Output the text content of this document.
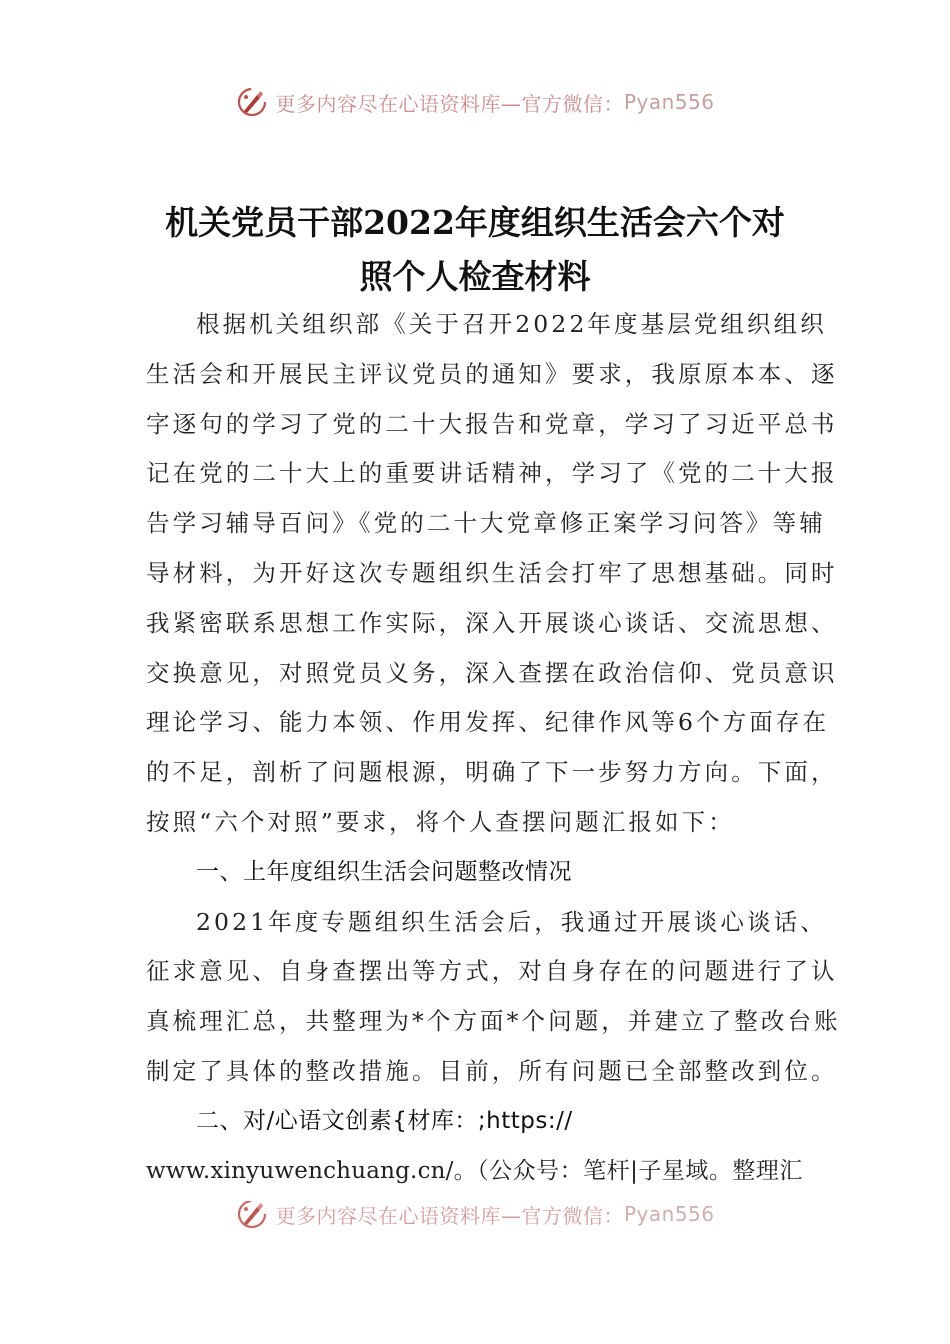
更多内容尽在心语资料库—官方微信： Pyan556
机关党员干部2022年度组织生活会六个对
照个人检查材料
根据机关组织部《关于召开2022年度基层党组织组织
生活会和开展民主评议党员的通知》要求，我原原本本、逐
字逐句的学习了党的二十大报告和党章，学习了习近平总书
记在党的二十大上的重要讲话精神，学习了《党的二十大报
告学习辅导百问》《党的二十大党章修正案学习问答》等辅
导材料，为开好这次专题组织生活会打牢了思想基础。同时
我紧密联系思想工作实际，深入开展谈心谈话、交流思想、
交换意见，对照党员义务，深入查摆在政治信仰、党员意识
理论学习、能力本领、作用发挥、纪律作风等6个方面存在
的不足，剖析了问题根源，明确了下一步努力方向。下面，
按照“六个对照”要求，将个人查摆问题汇报如下：
一、上年度组织生活会问题整改情况
2021年度专题组织生活会后，我通过开展谈心谈话、
征求意见、自身查摆出等方式，对自身存在的问题进行了认
真梳理汇总，共整理为*个方面*个问题，并建立了整改台账
制定了具体的整改措施。目前，所有问题已全部整改到位。
二、对/心语文创素{材库：;https://
www.xinyuwenchuang.cn/。（公众号：笔杆|子星域。整理汇
更多内容尽在心语资料库—官方微信： Pyan556
